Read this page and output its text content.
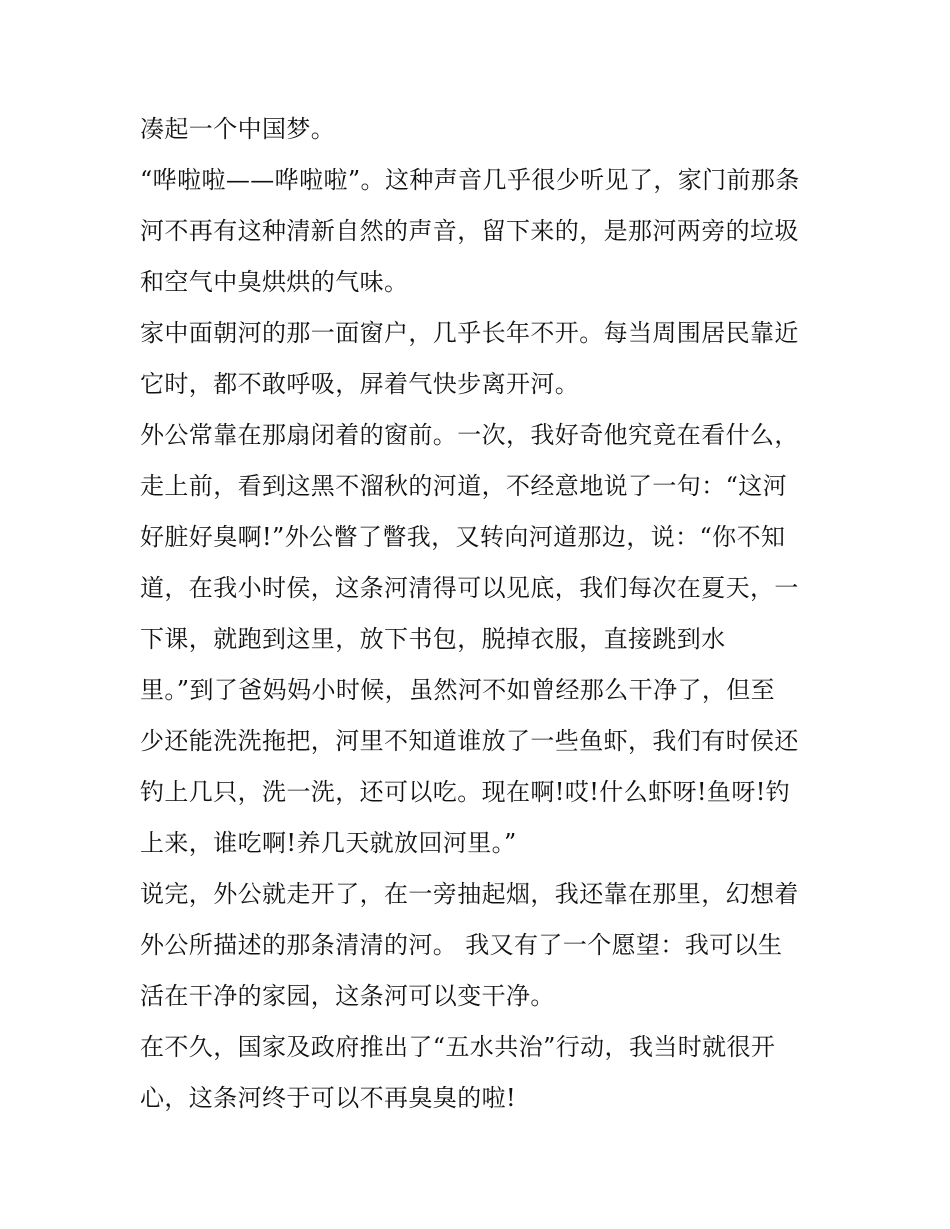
凑起一个中国梦。
“哗啦啦——哗啦啦”。这种声音几乎很少听见了，家门前那条
河不再有这种清新自然的声音，留下来的，是那河两旁的垃圾
和空气中臭烘烘的气味。
家中面朝河的那一面窗户，几乎长年不开。每当周围居民靠近
它时，都不敢呼吸，屏着气快步离开河。
外公常靠在那扇闭着的窗前。一次，我好奇他究竟在看什么，
走上前，看到这黑不溜秋的河道，不经意地说了一句：“这河
好脏好臭啊!”外公瞥了瞥我，又转向河道那边，说：“你不知
道，在我小时侯，这条河清得可以见底，我们每次在夏天，一
下课，就跑到这里，放下书包，脱掉衣服，直接跳到水
里。”到了爸妈妈小时候，虽然河不如曾经那么干净了，但至
少还能洗洗拖把，河里不知道谁放了一些鱼虾，我们有时侯还
钓上几只，洗一洗，还可以吃。现在啊!哎!什么虾呀!鱼呀!钓
上来，谁吃啊!养几天就放回河里。”
说完，外公就走开了，在一旁抽起烟，我还靠在那里，幻想着
外公所描述的那条清清的河。 我又有了一个愿望：我可以生
活在干净的家园，这条河可以变干净。
在不久，国家及政府推出了“五水共治”行动，我当时就很开
心，这条河终于可以不再臭臭的啦!
